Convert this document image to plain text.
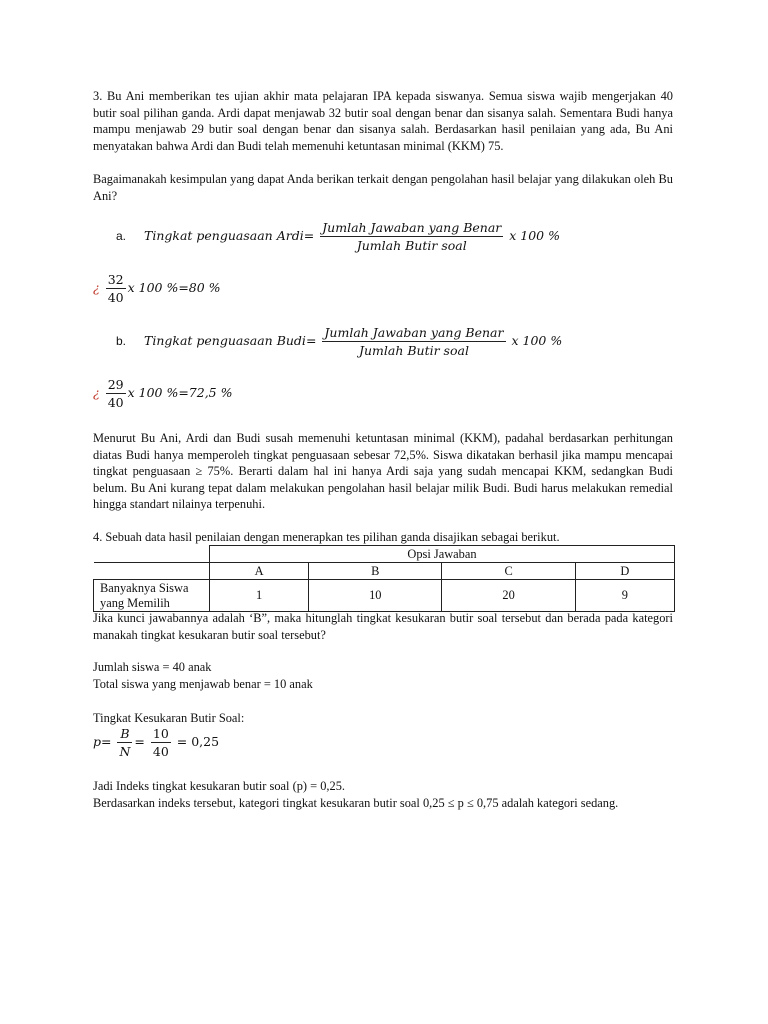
3. Bu Ani memberikan tes ujian akhir mata pelajaran IPA kepada siswanya. Semua siswa wajib mengerjakan 40 butir soal pilihan ganda. Ardi dapat menjawab 32 butir soal dengan benar dan sisanya salah. Sementara Budi hanya mampu menjawab 29 butir soal dengan benar dan sisanya salah. Berdasarkan hasil penilaian yang ada, Bu Ani menyatakan bahwa Ardi dan Budi telah memenuhi ketuntasan minimal (KKM) 75.
Bagaimanakah kesimpulan yang dapat Anda berikan terkait dengan pengolahan hasil belajar yang dilakukan oleh Bu Ani?
a. Tingkat penguasaan Ardi= $\frac{\text{Jumlah Jawaban yang Benar}}{\text{Jumlah Butir soal}}$ x 100 %
¿ $\frac{32}{40}$ x 100 %=80 %
b. Tingkat penguasaan Budi= $\frac{\text{Jumlah Jawaban yang Benar}}{\text{Jumlah Butir soal}}$ x 100 %
¿ $\frac{29}{40}$ x 100 %=72,5 %
Menurut Bu Ani, Ardi dan Budi susah memenuhi ketuntasan minimal (KKM), padahal berdasarkan perhitungan diatas Budi hanya memperoleh tingkat penguasaan sebesar 72,5%. Siswa dikatakan berhasil jika mampu mencapai tingkat penguasaan ≥ 75%. Berarti dalam hal ini hanya Ardi saja yang sudah mencapai KKM, sedangkan Budi belum. Bu Ani kurang tepat dalam melakukan pengolahan hasil belajar milik Budi. Budi harus melakukan remedial hingga standart nilainya terpenuhi.
4. Sebuah data hasil penilaian dengan menerapkan tes pilihan ganda disajikan sebagai berikut.
	Opsi Jawaban			
	A	B	C	D
Banyaknya Siswa yang Memilih	1	10	20	9
Jika kunci jawabannya adalah ‘B”, maka hitunglah tingkat kesukaran butir soal tersebut dan berada pada kategori manakah tingkat kesukaran butir soal tersebut?
Jumlah siswa = 40 anak
Total siswa yang menjawab benar = 10 anak
Tingkat Kesukaran Butir Soal:
$p= \frac{B}{N} = \frac{10}{40} = 0,25$
Jadi Indeks tingkat kesukaran butir soal (p) = 0,25.
Berdasarkan indeks tersebut, kategori tingkat kesukaran butir soal 0,25 ≤ p ≤ 0,75 adalah kategori sedang.
